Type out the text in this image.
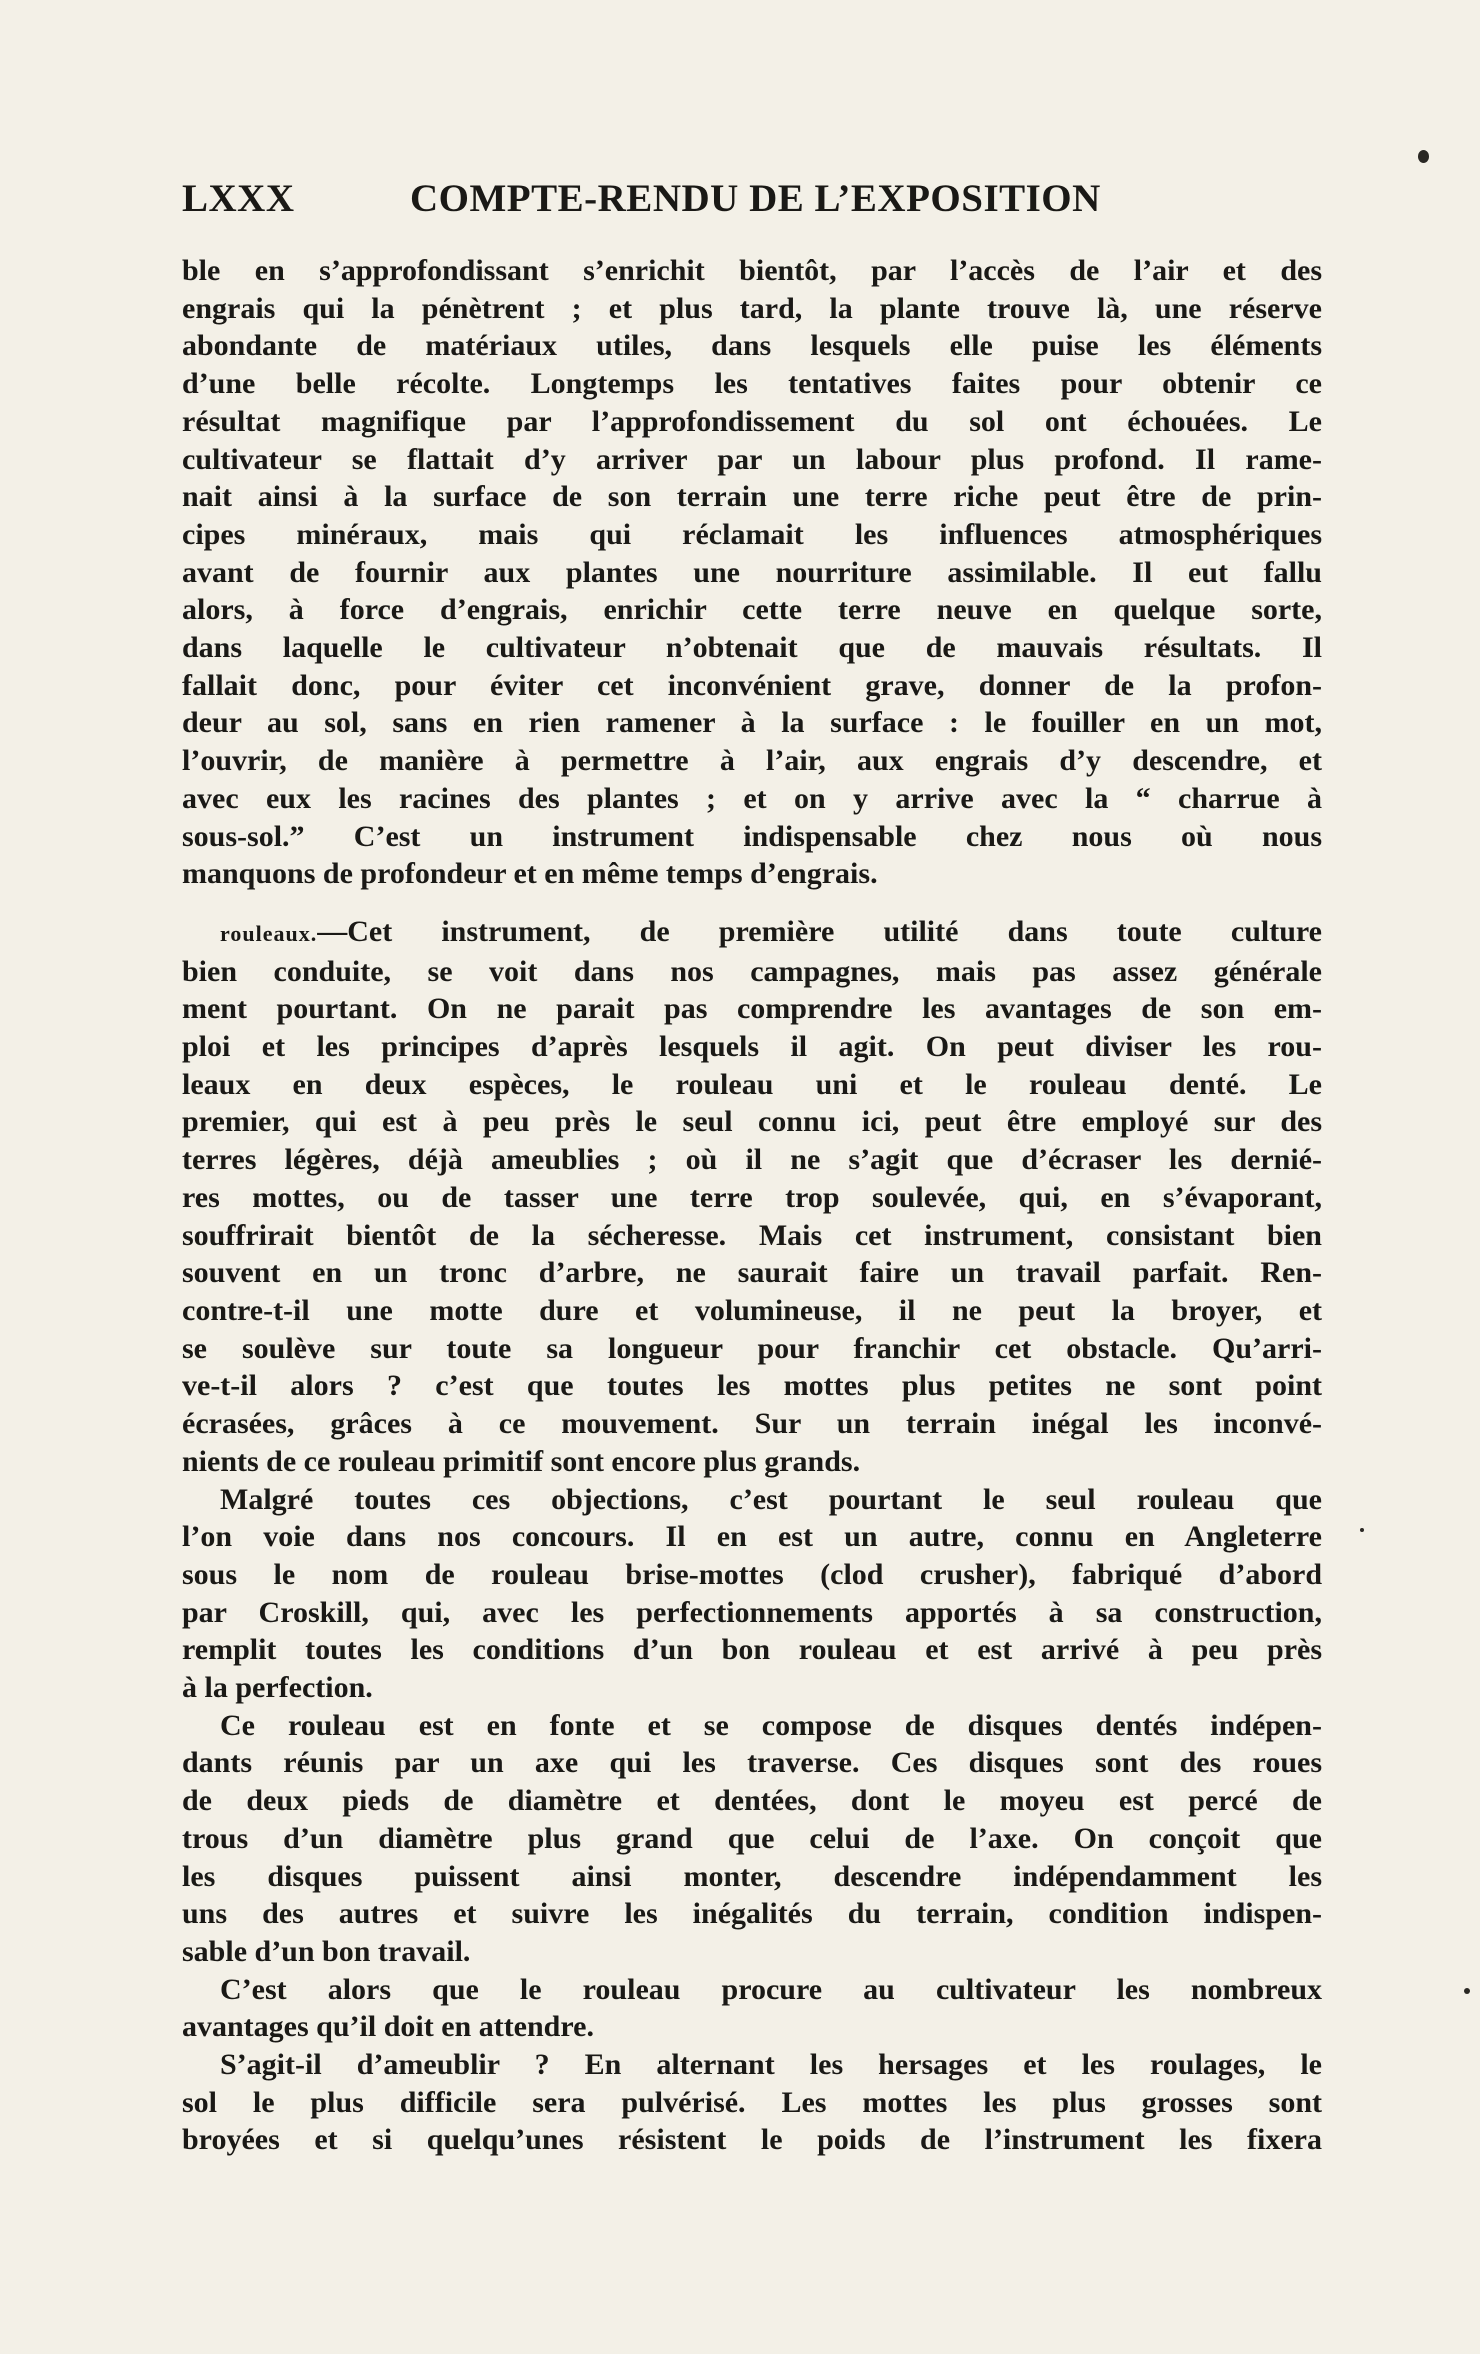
LXXX	COMPTE-RENDU DE L’EXPOSITION

ble en s’approfondissant s’enrichit bientôt, par l’accès de l’air et des

engrais qui la pénètrent ; et plus tard, la plante trouve là, une réserve

abondante de matériaux utiles, dans lesquels elle puise les éléments

d’une belle récolte. Longtemps les tentatives faites pour obtenir ce

résultat magnifique par l’approfondissement du sol ont échouées. Le

cultivateur se flattait d’y arriver par un labour plus profond. Il rame-

nait ainsi à la surface de son terrain une terre riche peut être de prin-

cipes minéraux, mais qui réclamait les influences atmosphériques

avant de fournir aux plantes une nourriture assimilable. Il eut fallu

alors, à force d’engrais, enrichir cette terre neuve en quelque sorte,

dans laquelle le cultivateur n’obtenait que de mauvais résultats. Il

fallait donc, pour éviter cet inconvénient grave, donner de la profon-

deur au sol, sans en rien ramener à la surface : le fouiller en un mot,

l’ouvrir, de manière à permettre à l’air, aux engrais d’y descendre, et

avec eux les racines des plantes ; et on y arrive avec la “ charrue à

sous-sol.” C’est un instrument indispensable chez nous où nous

manquons de profondeur et en même temps d’engrais.

rouleaux.—Cet instrument, de première utilité dans toute culture

bien conduite, se voit dans nos campagnes, mais pas assez générale

ment pourtant. On ne parait pas comprendre les avantages de son em-

ploi et les principes d’après lesquels il agit. On peut diviser les rou-

leaux en deux espèces, le rouleau uni et le rouleau denté. Le

premier, qui est à peu près le seul connu ici, peut être employé sur des

terres légères, déjà ameublies ; où il ne s’agit que d’écraser les dernié-

res mottes, ou de tasser une terre trop soulevée, qui, en s’évaporant,

souffrirait bientôt de la sécheresse. Mais cet instrument, consistant bien

souvent en un tronc d’arbre, ne saurait faire un travail parfait. Ren-

contre-t-il une motte dure et volumineuse, il ne peut la broyer, et

se soulève sur toute sa longueur pour franchir cet obstacle. Qu’arri-

ve-t-il alors ? c’est que toutes les mottes plus petites ne sont point

écrasées, grâces à ce mouvement. Sur un terrain inégal les inconvé-

nients de ce rouleau primitif sont encore plus grands.

Malgré toutes ces objections, c’est pourtant le seul rouleau que

l’on voie dans nos concours. Il en est un autre, connu en Angleterre

sous le nom de rouleau brise-mottes (clod crusher), fabriqué d’abord

par Croskill, qui, avec les perfectionnements apportés à sa construction,

remplit toutes les conditions d’un bon rouleau et est arrivé à peu près

à la perfection.

Ce rouleau est en fonte et se compose de disques dentés indépen-

dants réunis par un axe qui les traverse. Ces disques sont des roues

de deux pieds de diamètre et dentées, dont le moyeu est percé de

trous d’un diamètre plus grand que celui de l’axe. On conçoit que

les disques puissent ainsi monter, descendre indépendamment les

uns des autres et suivre les inégalités du terrain, condition indispen-

sable d’un bon travail.

C’est alors que le rouleau procure au cultivateur les nombreux

avantages qu’il doit en attendre.

S’agit-il d’ameublir ? En alternant les hersages et les roulages, le

sol le plus difficile sera pulvérisé. Les mottes les plus grosses sont

broyées et si quelqu’unes résistent le poids de l’instrument les fixera
